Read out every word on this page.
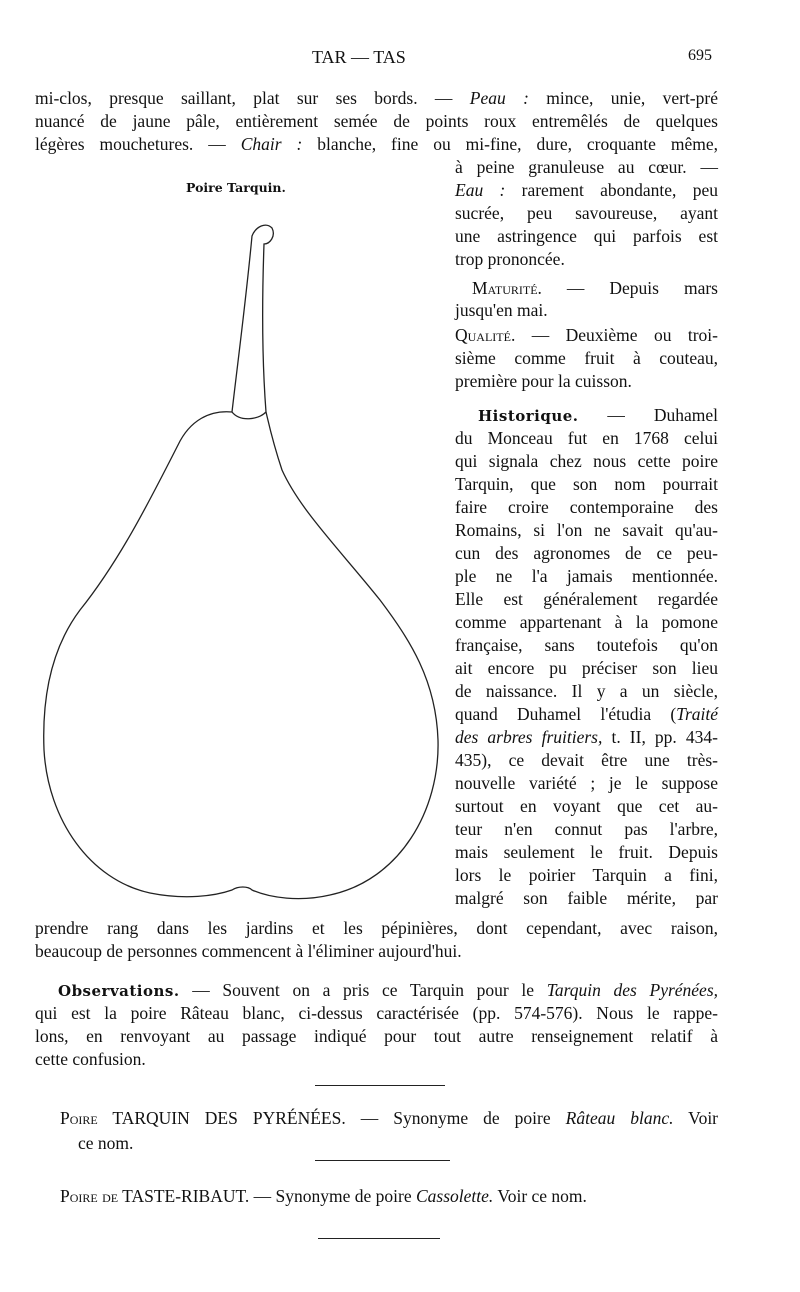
TAR — TAS	695
Poire Tarquin.
mi-clos, presque saillant, plat sur ses bords. — Peau : mince, unie, vert-pré
nuancé de jaune pâle, entièrement semée de points roux entremêlés de quelques
légères mouchetures. — Chair : blanche, fine ou mi-fine, dure, croquante même,
à peine granuleuse au cœur. —
Eau : rarement abondante, peu
sucrée, peu savoureuse, ayant
une astringence qui parfois est
trop prononcée.
Maturité. — Depuis mars
jusqu'en mai.
Qualité. — Deuxième ou troi-
sième comme fruit à couteau,
première pour la cuisson.
Historique. — Duhamel
du Monceau fut en 1768 celui
qui signala chez nous cette poire
Tarquin, que son nom pourrait
faire croire contemporaine des
Romains, si l'on ne savait qu'au-
cun des agronomes de ce peu-
ple ne l'a jamais mentionnée.
Elle est généralement regardée
comme appartenant à la pomone
française, sans toutefois qu'on
ait encore pu préciser son lieu
de naissance. Il y a un siècle,
quand Duhamel l'étudia (Traité
des arbres fruitiers, t. II, pp. 434-
435), ce devait être une très-
nouvelle variété ; je le suppose
surtout en voyant que cet au-
teur n'en connut pas l'arbre,
mais seulement le fruit. Depuis
lors le poirier Tarquin a fini,
malgré son faible mérite, par
prendre rang dans les jardins et les pépinières, dont cependant, avec raison,
beaucoup de personnes commencent à l'éliminer aujourd'hui.
Observations. — Souvent on a pris ce Tarquin pour le Tarquin des Pyrénées,
qui est la poire Râteau blanc, ci-dessus caractérisée (pp. 574-576). Nous le rappe-
lons, en renvoyant au passage indiqué pour tout autre renseignement relatif à
cette confusion.
Poire TARQUIN DES PYRÉNÉES. — Synonyme de poire Râteau blanc. Voir
ce nom.
Poire de TASTE-RIBAUT. — Synonyme de poire Cassolette. Voir ce nom.
